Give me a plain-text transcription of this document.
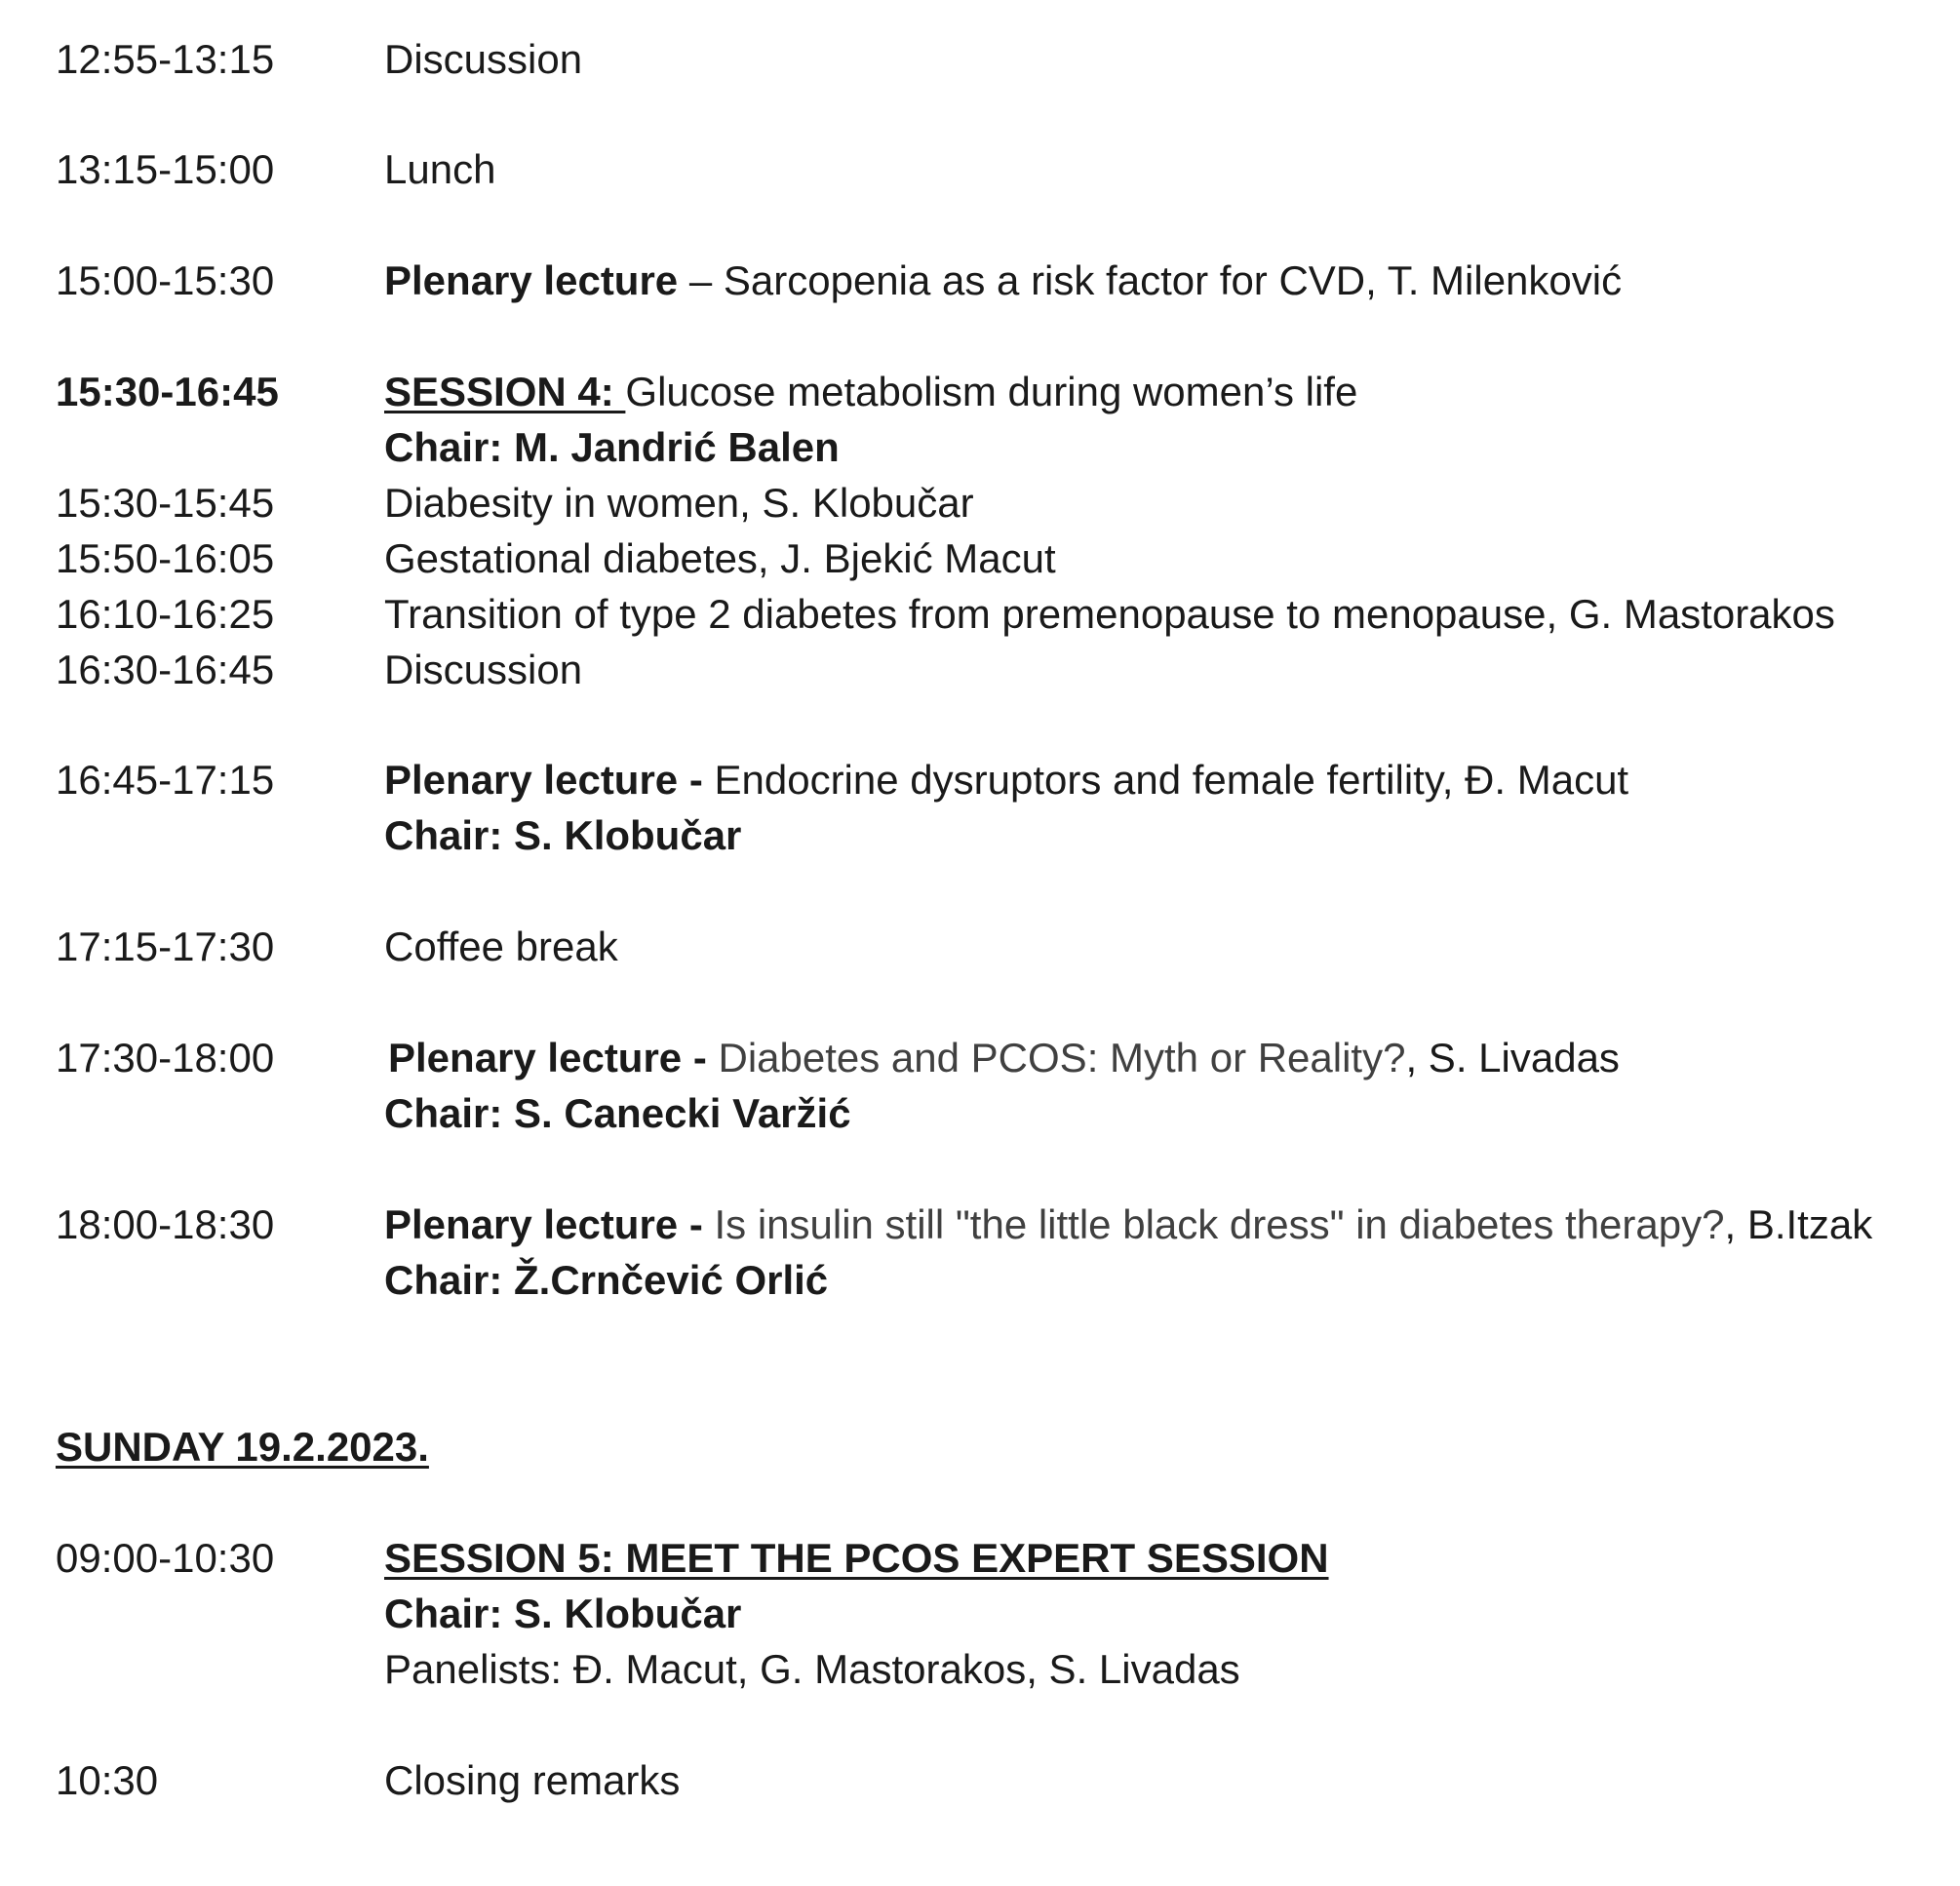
12:55-13:15	Discussion
13:15-15:00	Lunch
15:00-15:30	Plenary lecture – Sarcopenia as a risk factor for CVD, T. Milenković
15:30-16:45	SESSION 4: Glucose metabolism during women’s life
Chair: M. Jandrić Balen
15:30-15:45	Diabesity in women, S. Klobučar
15:50-16:05	Gestational diabetes, J. Bjekić Macut
16:10-16:25	Transition of type 2 diabetes from premenopause to menopause, G. Mastorakos
16:30-16:45	Discussion
16:45-17:15	Plenary lecture - Endocrine dysruptors and female fertility, Đ. Macut
Chair: S. Klobučar
17:15-17:30	Coffee break
17:30-18:00	Plenary lecture - Diabetes and PCOS: Myth or Reality?, S. Livadas
Chair: S. Canecki Varžić
18:00-18:30	Plenary lecture - Is insulin still "the little black dress" in diabetes therapy?, B.Itzak
Chair: Ž.Crnčević Orlić
SUNDAY 19.2.2023.
09:00-10:30	SESSION 5: MEET THE PCOS EXPERT SESSION
Chair: S. Klobučar
Panelists: Đ. Macut, G. Mastorakos, S. Livadas
10:30	Closing remarks
